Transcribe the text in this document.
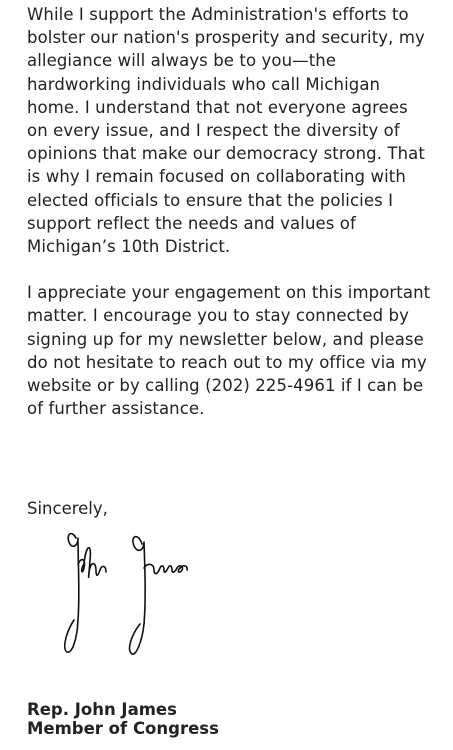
While I support the Administration's efforts to bolster our nation's prosperity and security, my allegiance will always be to you—the hardworking individuals who call Michigan home. I understand that not everyone agrees on every issue, and I respect the diversity of opinions that make our democracy strong. That is why I remain focused on collaborating with elected officials to ensure that the policies I support reflect the needs and values of Michigan’s 10th District.

I appreciate your engagement on this important matter. I encourage you to stay connected by signing up for my newsletter below, and please do not hesitate to reach out to my office via my website or by calling (202) 225-4961 if I can be of further assistance.

Sincerely,

Rep. John James

Member of Congress
